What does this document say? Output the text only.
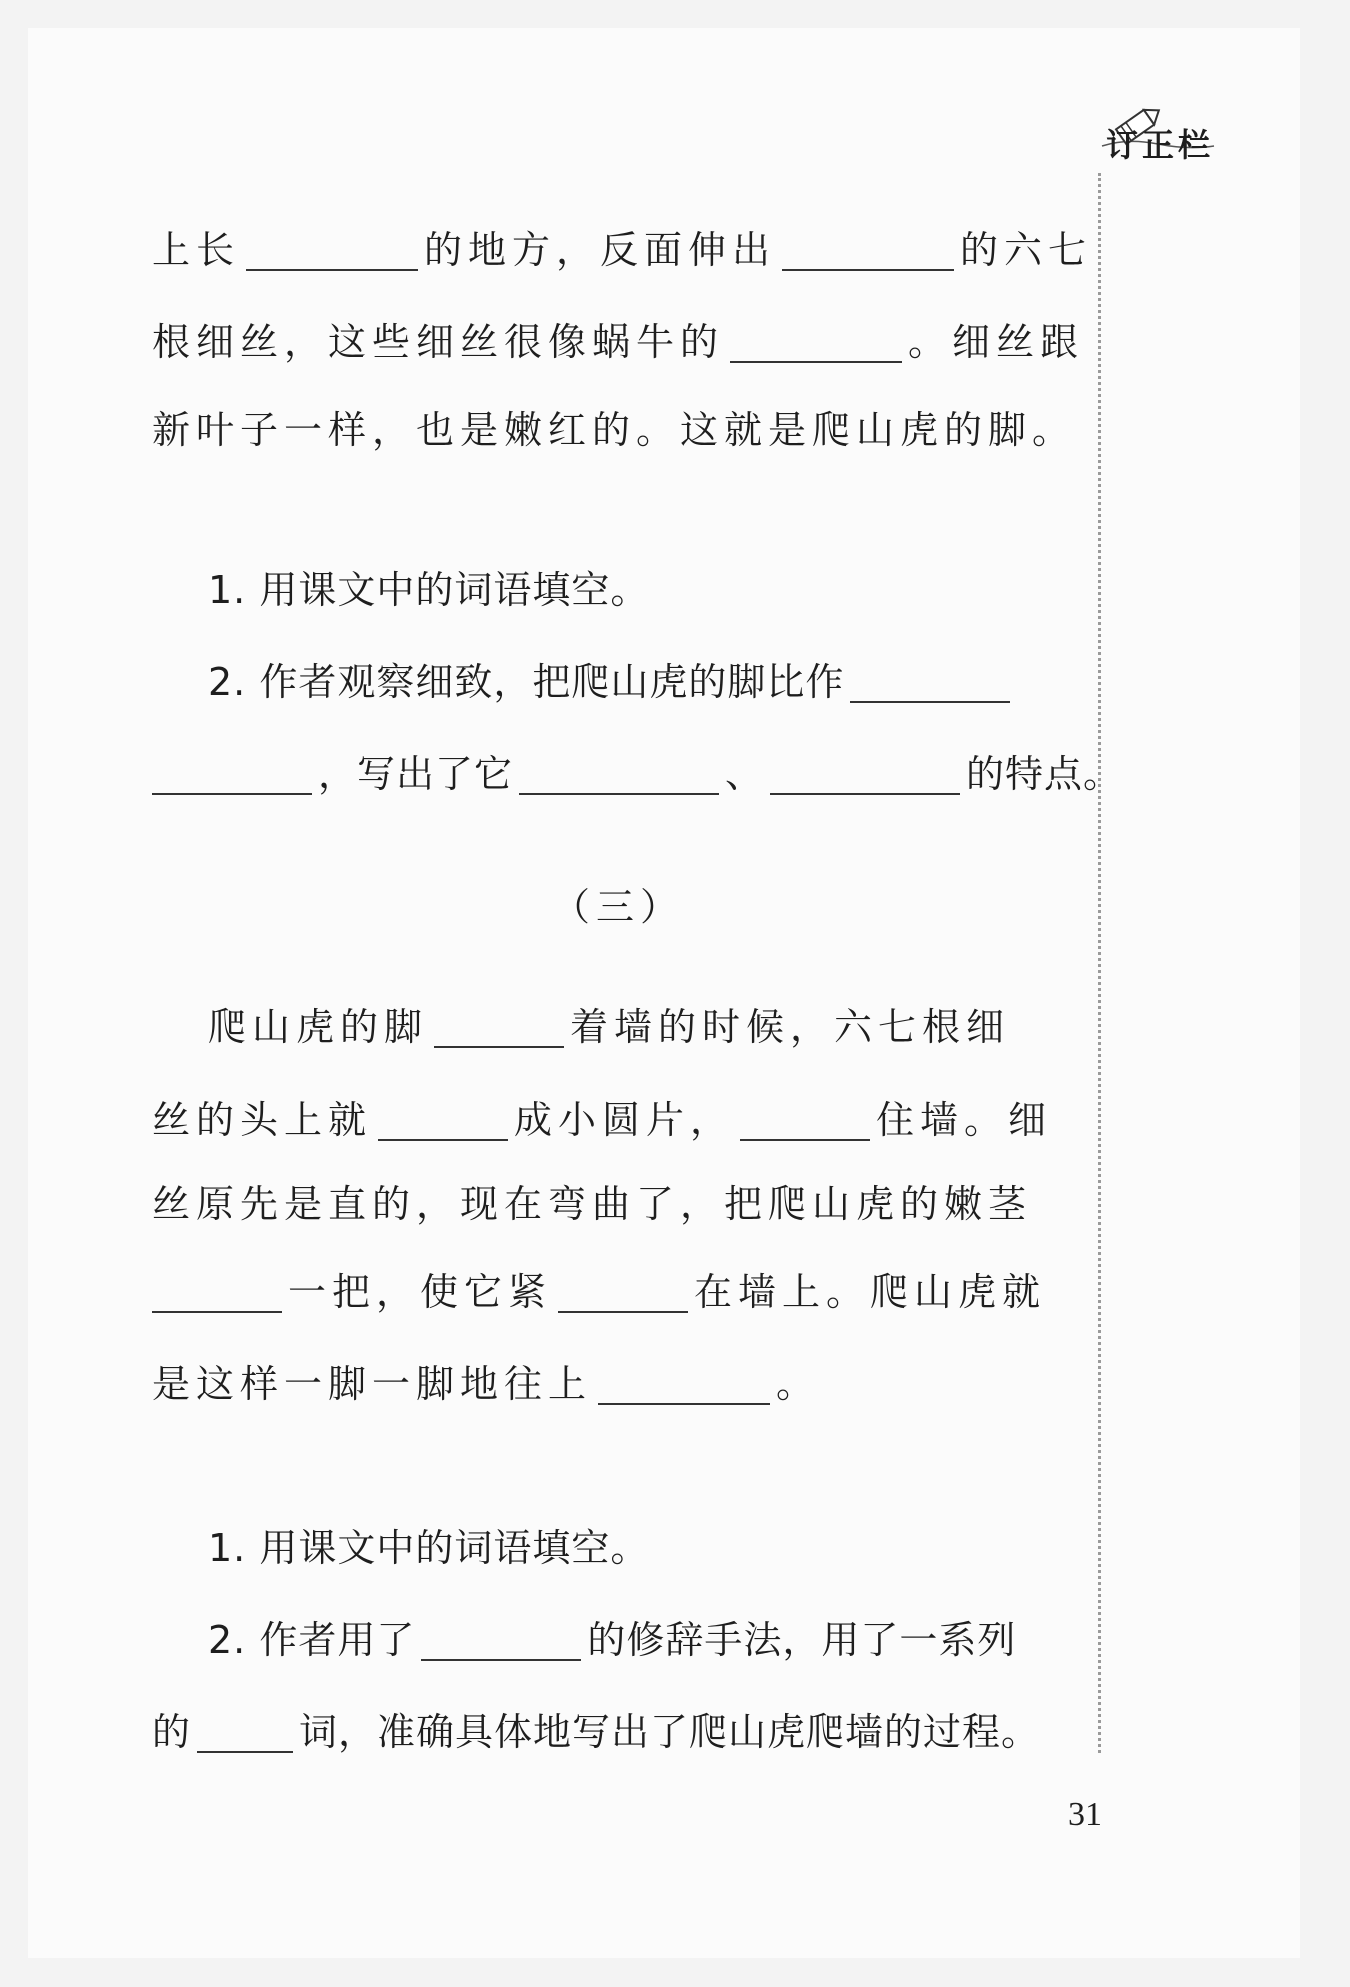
订正栏
上长	的地方，反面伸出	的六七
根细丝，这些细丝很像蜗牛的	。细丝跟
新叶子一样，也是嫩红的。这就是爬山虎的脚。
1. 用课文中的词语填空。
2. 作者观察细致，把爬山虎的脚比作
，写出了它	、	的特点。
（三）
爬山虎的脚	着墙的时候，六七根细
丝的头上就	成小圆片，	住墙。细
丝原先是直的，现在弯曲了，把爬山虎的嫩茎
一把，使它紧	在墙上。爬山虎就
是这样一脚一脚地往上	。
1. 用课文中的词语填空。
2. 作者用了	的修辞手法，用了一系列
的	词，准确具体地写出了爬山虎爬墙的过程。
31
